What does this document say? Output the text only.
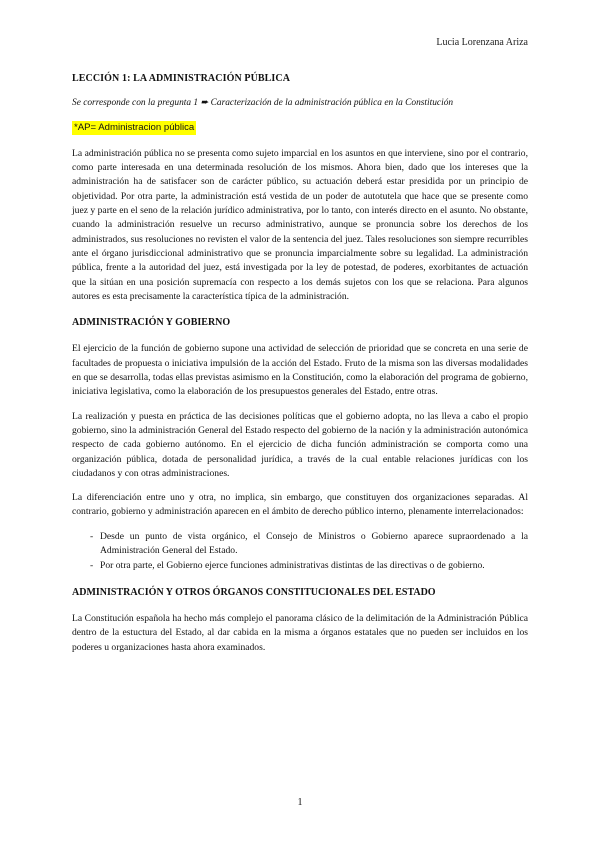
Lucia Lorenzana Ariza
LECCIÓN 1: LA ADMINISTRACIÓN PÚBLICA
Se corresponde con la pregunta 1 ➨ Caracterización de la administración pública en la Constitución
*AP= Administracion pública

La administración pública no se presenta como sujeto imparcial en los asuntos en que interviene, sino por el contrario, como parte interesada en una determinada resolución de los mismos. Ahora bien, dado que los intereses que la administración ha de satisfacer son de carácter público, su actuación deberá estar presidida por un principio de objetividad. Por otra parte, la administración está vestida de un poder de autotutela que hace que se presente como juez y parte en el seno de la relación jurídico administrativa, por lo tanto, con interés directo en el asunto. No obstante, cuando la administración resuelve un recurso administrativo, aunque se pronuncia sobre los derechos de los administrados, sus resoluciones no revisten el valor de la sentencia del juez. Tales resoluciones son siempre recurribles ante el órgano jurisdiccional administrativo que se pronuncia imparcialmente sobre su legalidad. La administración pública, frente a la autoridad del juez, está investigada por la ley de potestad, de poderes, exorbitantes de actuación que la sitúan en una posición supremacía con respecto a los demás sujetos con los que se relaciona. Para algunos autores es esta precisamente la característica típica de la administración.

ADMINISTRACIÓN Y GOBIERNO

El ejercicio de la función de gobierno supone una actividad de selección de prioridad que se concreta en una serie de facultades de propuesta o iniciativa impulsión de la acción del Estado. Fruto de la misma son las diversas modalidades en que se desarrolla, todas ellas previstas asimismo en la Constitución, como la elaboración del programa de gobierno, iniciativa legislativa, como la elaboración de los presupuestos generales del Estado, entre otras.

La realización y puesta en práctica de las decisiones políticas que el gobierno adopta, no las lleva a cabo el propio gobierno, sino la administración General del Estado respecto del gobierno de la nación y la administración autonómica respecto de cada gobierno autónomo. En el ejercicio de dicha función administración se comporta como una organización pública, dotada de personalidad jurídica, a través de la cual entable relaciones jurídicas con los ciudadanos y con otras administraciones.

La diferenciación entre uno y otra, no implica, sin embargo, que constituyen dos organizaciones separadas. Al contrario, gobierno y administración aparecen en el ámbito de derecho público interno, plenamente interrelacionados:

- Desde un punto de vista orgánico, el Consejo de Ministros o Gobierno aparece supraordenado a la Administración General del Estado.
- Por otra parte, el Gobierno ejerce funciones administrativas distintas de las directivas o de gobierno.
ADMINISTRACIÓN Y OTROS ÓRGANOS CONSTITUCIONALES DEL ESTADO

La Constitución española ha hecho más complejo el panorama clásico de la delimitación de la Administración Pública dentro de la estuctura del Estado, al dar cabida en la misma a órganos estatales que no pueden ser incluidos en los poderes u organizaciones hasta ahora examinados.

1
